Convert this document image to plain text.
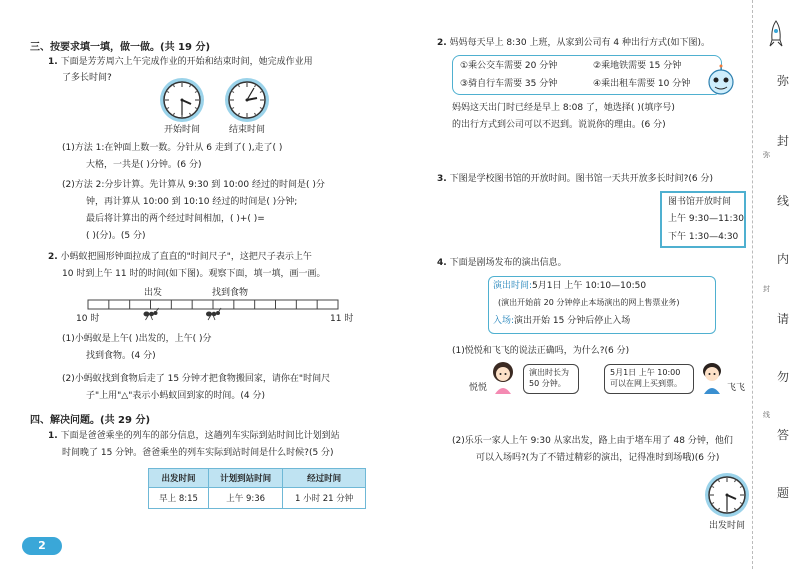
三、按要求填一填，做一做。(共 19 分)
1. 下面是芳芳周六上午完成作业的开始和结束时间，她完成作业用
了多长时间?
开始时间	结束时间
(1)方法 1:在钟面上数一数。分针从 6 走到了( ),走了( )
大格，一共是( )分钟。(6 分)
(2)方法 2:分步计算。先计算从 9:30 到 10:00 经过的时间是( )分
钟，再计算从 10:00 到 10:10 经过的时间是( )分钟;
最后将计算出的两个经过时间相加，( )+( )=
( )(分)。(5 分)
2. 小蚂蚁把圆形钟面拉成了直直的"时间尺子"，这把尺子表示上午
10 时到上午 11 时的时间(如下图)。观察下面，填一填，画一画。
出发	找到食物
10 时	11 时
(1)小蚂蚁是上午( )出发的，上午( )分
找到食物。(4 分)
(2)小蚂蚁找到食物后走了 15 分钟才把食物搬回家，请你在"时间尺
子"上用"△"表示小蚂蚁回到家的时间。(4 分)
四、解决问题。(共 29 分)
1. 下面是爸爸乘坐的列车的部分信息，这趟列车实际到站时间比计划到站
时间晚了 15 分钟。爸爸乘坐的列车实际到站时间是什么时候?(5 分)
出发时间	计划到站时间	经过时间
早上 8:15	上午 9:36	1 小时 21 分钟
2
2. 妈妈每天早上 8:30 上班，从家到公司有 4 种出行方式(如下图)。
①乘公交车需要 20 分钟	②乘地铁需要 15 分钟
③骑自行车需要 35 分钟	④乘出租车需要 10 分钟
妈妈这天出门时已经是早上 8:08 了，她选择( )(填序号)
的出行方式到公司可以不迟到。说说你的理由。(6 分)
3. 下图是学校图书馆的开放时间。图书馆一天共开放多长时间?(6 分)
图书馆开放时间
上午 9:30—11:30
下午 1:30—4:30
4. 下面是剧场发布的演出信息。
演出时间:5月1日 上午 10:10—10:50
(演出开始前 20 分钟停止本场演出的网上售票业务)
入场:演出开始 15 分钟后停止入场
(1)悦悦和飞飞的说法正确吗，为什么?(6 分)
悦悦
演出时长为 50 分钟。
5月1日 上午 10:00 可以在网上买到票。	飞飞
(2)乐乐一家人上午 9:30 从家出发，路上由于堵车用了 48 分钟，他们
可以入场吗?(为了不错过精彩的演出，记得准时到场哦)(6 分)
出发时间
弥
弥
封
线
内
封
请
勿
线
答
题
